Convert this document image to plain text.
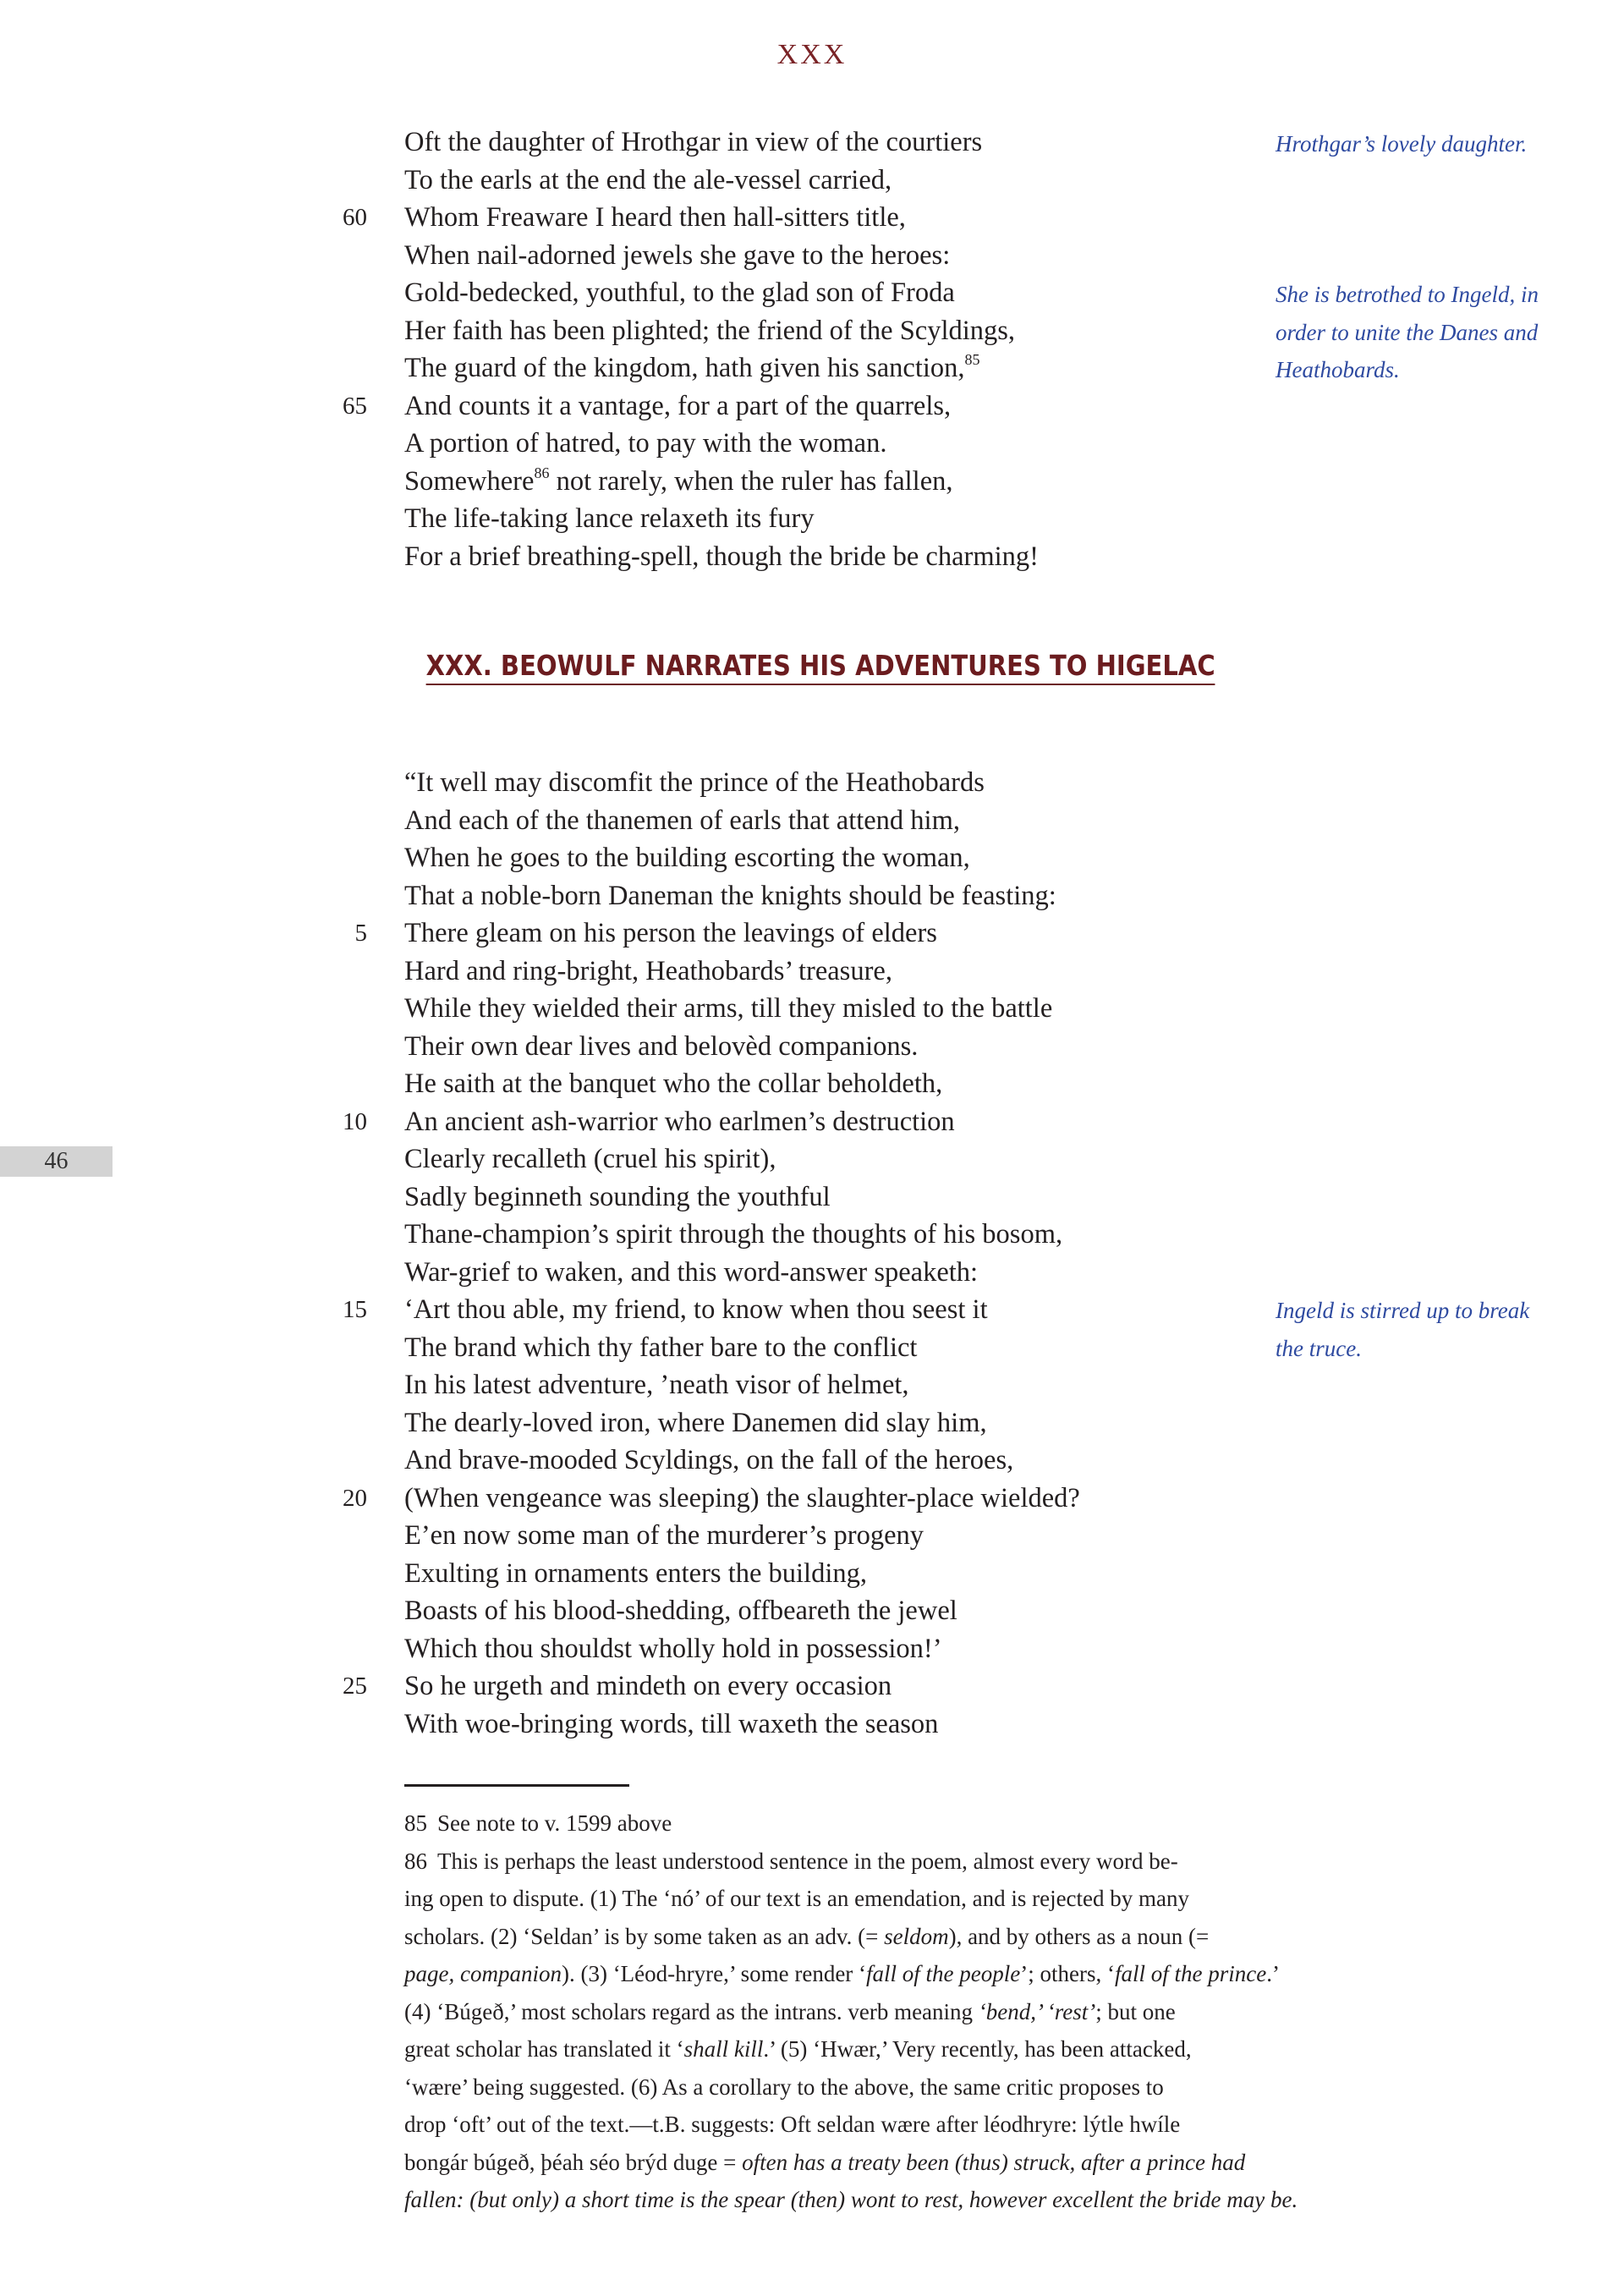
XXX
46
Oft the daughter of Hrothgar in view of the courtiers
To the earls at the end the ale-vessel carried,
60 Whom Freaware I heard then hall-sitters title,
When nail-adorned jewels she gave to the heroes:
Gold-bedecked, youthful, to the glad son of Froda
Her faith has been plighted; the friend of the Scyldings,
The guard of the kingdom, hath given his sanction,$^{85}$
65 And counts it a vantage, for a part of the quarrels,
A portion of hatred, to pay with the woman.
Somewhere$^{86}$ not rarely, when the ruler has fallen,
The life-taking lance relaxeth its fury
For a brief breathing-spell, though the bride be charming!
Hrothgar’s lovely daughter.
She is betrothed to Ingeld, in
order to unite the Danes and
Heathobards.
Ingeld is stirred up to break
the truce.
XXX. BEOWULF NARRATES HIS ADVENTURES TO HIGELAC
“It well may discomfit the prince of the Heathobards
And each of the thanemen of earls that attend him,
When he goes to the building escorting the woman,
That a noble-born Daneman the knights should be feasting:
5 There gleam on his person the leavings of elders
Hard and ring-bright, Heathobards’ treasure,
While they wielded their arms, till they misled to the battle
Their own dear lives and belovèd companions.
He saith at the banquet who the collar beholdeth,
10 An ancient ash-warrior who earlmen’s destruction
Clearly recalleth (cruel his spirit),
Sadly beginneth sounding the youthful
Thane-champion’s spirit through the thoughts of his bosom,
War-grief to waken, and this word-answer speaketh:
15 ‘Art thou able, my friend, to know when thou seest it
The brand which thy father bare to the conflict
In his latest adventure, ’neath visor of helmet,
The dearly-loved iron, where Danemen did slay him,
And brave-mooded Scyldings, on the fall of the heroes,
20 (When vengeance was sleeping) the slaughter-place wielded?
E’en now some man of the murderer’s progeny
Exulting in ornaments enters the building,
Boasts of his blood-shedding, offbeareth the jewel
Which thou shouldst wholly hold in possession!’
25 So he urgeth and mindeth on every occasion
With woe-bringing words, till waxeth the season
85 See note to v. 1599 above
86 This is perhaps the least understood sentence in the poem, almost every word be-
ing open to dispute. (1) The ‘nó’ of our text is an emendation, and is rejected by many
scholars. (2) ‘Seldan’ is by some taken as an adv. (= seldom), and by others as a noun (=
page, companion). (3) ‘Léod-hryre,’ some render ‘fall of the people’; others, ‘fall of the prince.’
(4) ‘Búgeð,’ most scholars regard as the intrans. verb meaning ‘bend,’ ‘rest’; but one
great scholar has translated it ‘shall kill.’ (5) ‘Hwær,’ Very recently, has been attacked,
‘wære’ being suggested. (6) As a corollary to the above, the same critic proposes to
drop ‘oft’ out of the text.—t.B. suggests: Oft seldan wære after léodhryre: lýtle hwíle
bongár búgeð, þéah séo brýd duge = often has a treaty been (thus) struck, after a prince had
fallen: (but only) a short time is the spear (then) wont to rest, however excellent the bride may be.
